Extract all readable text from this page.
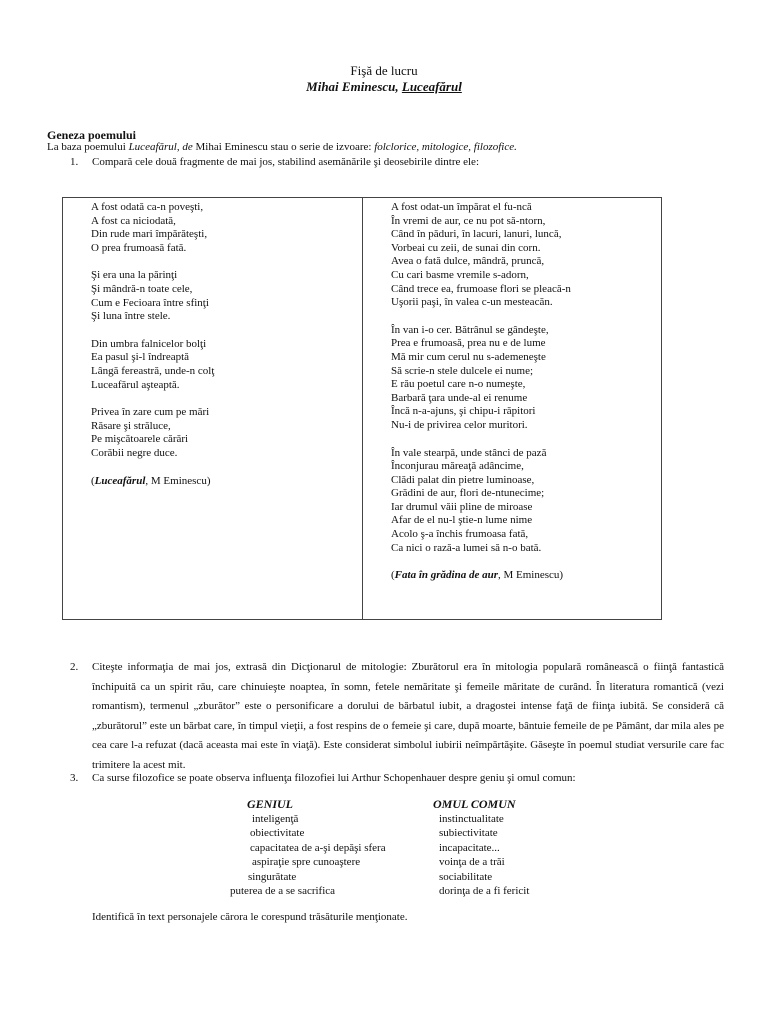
Fişă de lucru
Mihai Eminescu, Luceafărul
Geneza poemului
La baza poemului Luceafărul, de Mihai Eminescu stau o serie de izvoare: folclorice, mitologice, filozofice.
1. Compară cele două fragmente de mai jos, stabilind asemănările şi deosebirile dintre ele:
A fost odată ca-n poveşti,
A fost ca niciodată,
Din rude mari împărăteşti,
O prea frumoasă fată.
Şi era una la părinţi
Şi mândră-n toate cele,
Cum e Fecioara între sfinţi
Şi luna între stele.
Din umbra falnicelor bolţi
Ea pasul şi-l îndreaptă
Lângă fereastră, unde-n colţ
Luceafărul aşteaptă.
Privea în zare cum pe mări
Răsare şi străluce,
Pe mişcătoarele cărări
Corăbii negre duce.
(Luceafărul, M Eminescu)
A fost odat-un împărat el fu-ncă
În vremi de aur, ce nu pot să-ntorn,
Când în păduri, în lacuri, lanuri, luncă,
Vorbeai cu zeii, de sunai din corn.
Avea o fată dulce, mândră, pruncă,
Cu cari basme vremile s-adorn,
Când trece ea, frumoase flori se pleacă-n
Uşorii paşi, în valea c-un mesteacăn.
În van i-o cer. Bătrânul se gândeşte,
Prea e frumoasă, prea nu e de lume
Mă mir cum cerul nu s-ademeneşte
Să scrie-n stele dulcele ei nume;
E rău poetul care n-o numeşte,
Barbară ţara unde-al ei renume
Încă n-a-ajuns, şi chipu-i răpitori
Nu-i de privirea celor muritori.
În vale stearpă, unde stânci de pază
Înconjurau măreaţă adâncime,
Clădi palat din pietre luminoase,
Grădini de aur, flori de-ntunecime;
Iar drumul văii pline de miroase
Afar de el nu-l ştie-n lume nime
Acolo ş-a închis frumoasa fată,
Ca nici o rază-a lumei să n-o bată.
(Fata în grădina de aur, M Eminescu)
2. Citeşte informaţia de mai jos, extrasă din Dicţionarul de mitologie: Zburătorul era în mitologia populară românească o fiinţă fantastică închipuită ca un spirit rău, care chinuieşte noaptea, în somn, fetele nemăritate şi femeile măritate de curând. În literatura romantică (vezi romantism), termenul „zburător” este o personificare a dorului de bărbatul iubit, a dragostei intense faţă de fiinţa iubită. Se consideră că „zburătorul” este un bărbat care, în timpul vieţii, a fost respins de o femeie şi care, după moarte, bântuie femeile de pe Pământ, dar mila ales pe cea care l-a refuzat (dacă aceasta mai este în viaţă). Este considerat simbolul iubirii neîmpărtăşite. Găseşte în poemul studiat versurile care fac trimitere la acest mit.
3. Ca surse filozofice se poate observa influenţa filozofiei lui Arthur Schopenhauer despre geniu şi omul comun:
GENIUL
inteligenţă
obiectivitate
capacitatea de a-şi depăşi sfera
aspiraţie spre cunoaştere
singurătate
puterea de a se sacrifica
OMUL COMUN
instinctualitate
subiectivitate
incapacitate...
voinţa de a trăi
sociabilitate
dorinţa de a fi fericit
Identifică în text personajele cărora le corespund trăsăturile menţionate.
